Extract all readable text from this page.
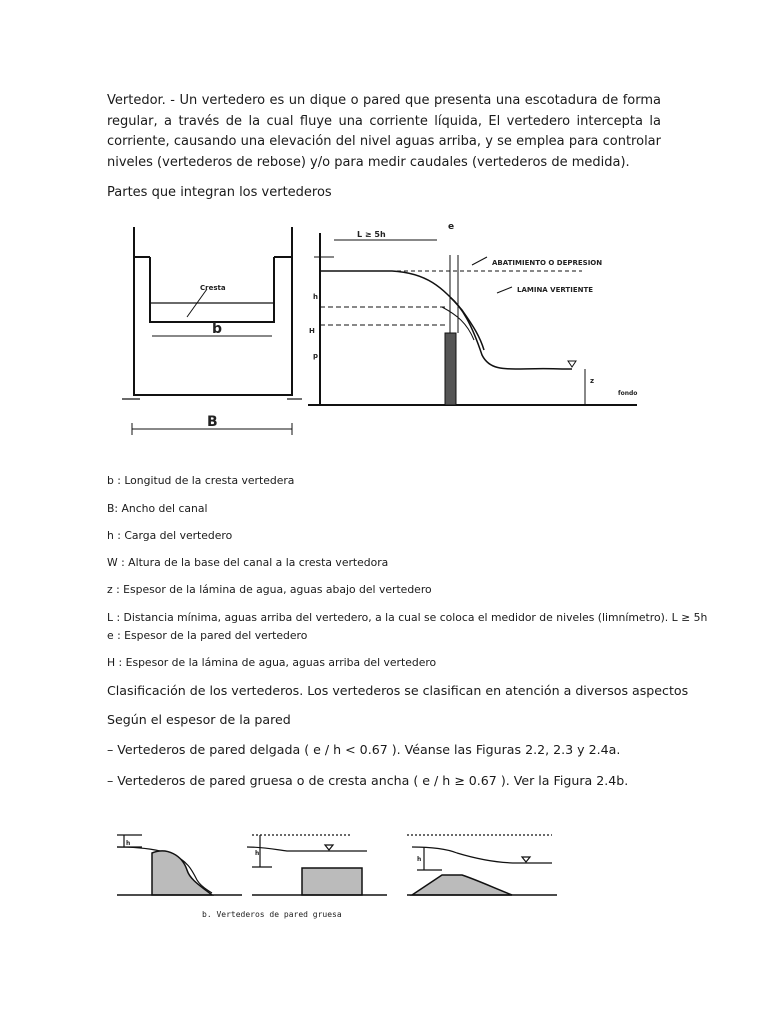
Vertedor. - Un vertedero es un dique o pared que presenta una escotadura de forma regular, a través de la cual fluye una corriente líquida, El vertedero intercepta la corriente, causando una elevación del nivel aguas arriba, y se emplea para controlar niveles (vertederos de rebose) y/o para medir caudales (vertederos de medida).

Partes que integran los vertederos

Cresta
b
B
L ≥ 5h
e
ABATIMIENTO O DEPRESION
LAMINA VERTIENTE
h
H
p
z
fondo

b : Longitud de la cresta vertedera

B: Ancho del canal

h : Carga del vertedero

W : Altura de la base del canal a la cresta vertedora

z : Espesor de la lámina de agua, aguas abajo del vertedero

L : Distancia mínima, aguas arriba del vertedero, a la cual se coloca el medidor de niveles (limnímetro). L ≥ 5h

e : Espesor de la pared del vertedero

H : Espesor de la lámina de agua, aguas arriba del vertedero

Clasificación de los vertederos. Los vertederos se clasifican en atención a diversos aspectos

Según el espesor de la pared

– Vertederos de pared delgada ( e / h < 0.67 ). Véanse las Figuras 2.2, 2.3 y 2.4a.

– Vertederos de pared gruesa o de cresta ancha ( e / h ≥ 0.67 ). Ver la Figura 2.4b.

h
h
h
b. Vertederos de pared gruesa
